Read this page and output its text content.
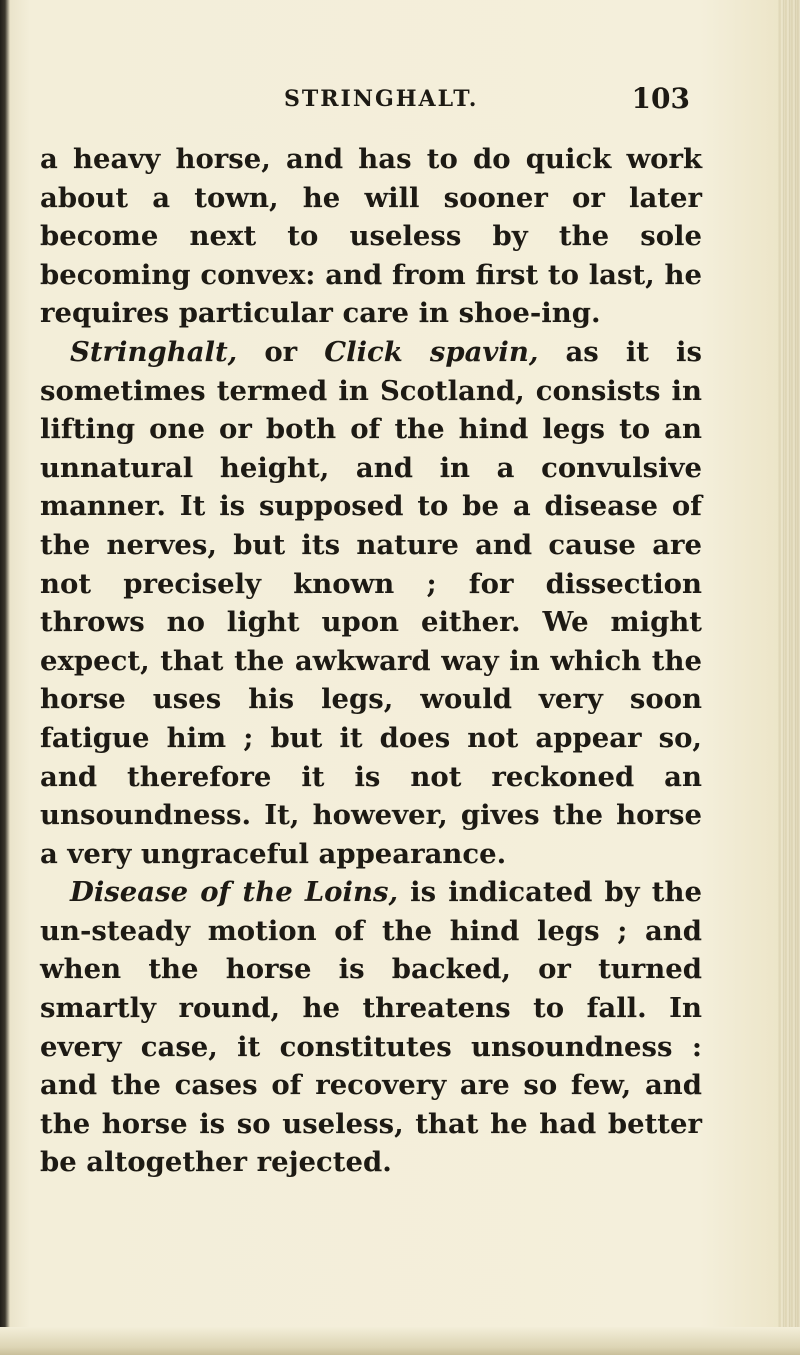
STRINGHALT.	103

a heavy horse, and has to do quick work about a town, he will sooner or later become next to useless by the sole becoming convex: and from first to last, he requires particular care in shoe-ing.

Stringhalt, or Click spavin, as it is sometimes termed in Scotland, consists in lifting one or both of the hind legs to an unnatural height, and in a convulsive manner. It is supposed to be a disease of the nerves, but its nature and cause are not precisely known ; for dissection throws no light upon either. We might expect, that the awkward way in which the horse uses his legs, would very soon fatigue him ; but it does not appear so, and therefore it is not reckoned an unsoundness. It, however, gives the horse a very ungraceful appearance.

Disease of the Loins, is indicated by the un-steady motion of the hind legs ; and when the horse is backed, or turned smartly round, he threatens to fall. In every case, it constitutes unsoundness : and the cases of recovery are so few, and the horse is so useless, that he had better be altogether rejected.
